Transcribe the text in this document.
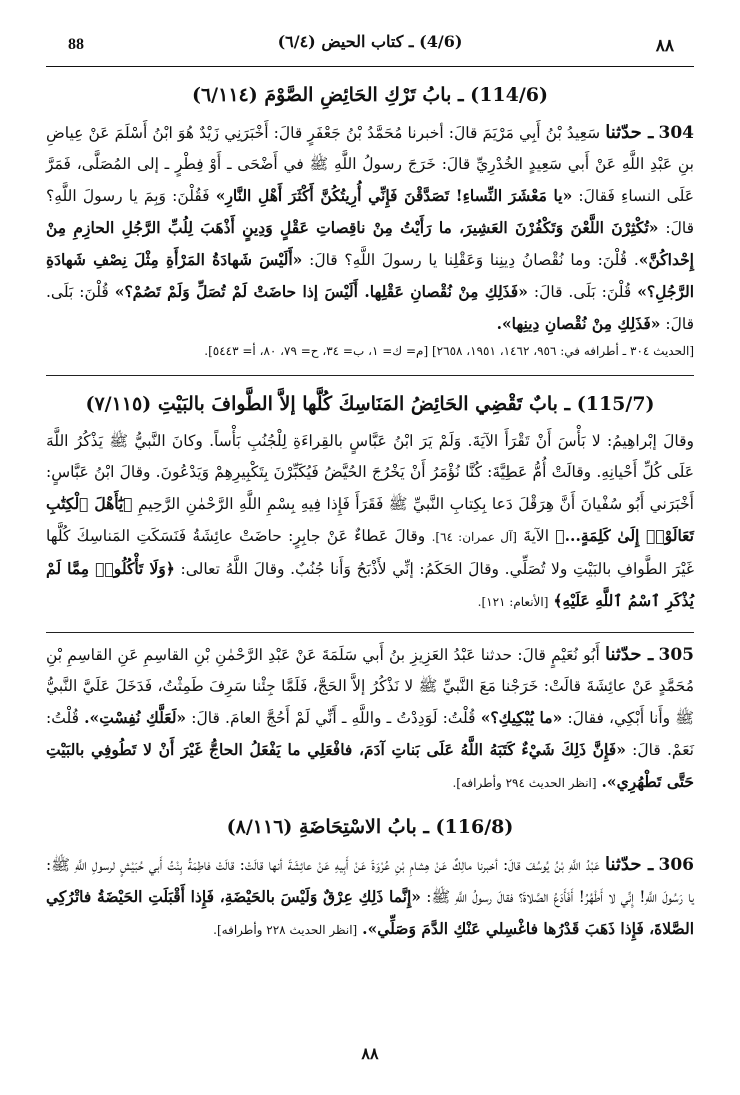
88	(4/6) ـ كتاب الحيض (٦/٤)	٨٨
(114/6) ـ بابُ تَرْكِ الحَائِضِ الصَّوْمَ (٦/١١٤)
304 ـ حدّثنا سَعِيدُ بْنُ أَبِي مَرْيَمَ قالَ: أخبرنا مُحَمَّدُ بْنُ جَعْفَرٍ قالَ: أَخْبَرَنِي زَيْدٌ هُوَ ابْنُ أَسْلَمَ عَنْ عِياضِ بنِ عَبْدِ اللَّهِ عَنْ أَبي سَعِيدٍ الخُدْرِيِّ قالَ: خَرَجَ رسولُ اللَّهِ ﷺ في أَضْحَى ـ أَوْ فِطْرٍ ـ إلى المُصَلَّى، فَمَرَّ عَلَى النساءِ فَقالَ: «يا مَعْشَرَ النِّساءِ! تَصَدَّقْنَ فَإِنِّي أُرِيتُكُنَّ أَكْثَرَ أَهْلِ النَّارِ» فَقُلْنَ: وَبِمَ يا رسولَ اللَّهِ؟ قالَ: «تُكْثِرْنَ اللَّعْنَ وَتَكْفُرْنَ العَشِيرَ، ما رَأَيْتُ مِنْ ناقِصاتِ عَقْلٍ وَدِينٍ أَذْهَبَ لِلُبِّ الرَّجُلِ الحازِمِ مِنْ إِحْداكُنَّ». قُلْنَ: وما نُقْصانُ دِينِنا وَعَقْلِنا يا رسولَ اللَّهِ؟ قالَ: «أَلَيْسَ شَهادَةُ المَرْأَةِ مِثْلَ نِصْفِ شَهادَةِ الرَّجُلِ؟» قُلْنَ: بَلَى. قالَ: «فَذَلِكِ مِنْ نُقْصانِ عَقْلِها. أَلَيْسَ إذا حاضَتْ لَمْ تُصَلِّ وَلَمْ تَصُمْ؟» قُلْنَ: بَلَى. قالَ: «فَذَلِكِ مِنْ نُقْصانِ دِينِها».
[الحديث ٣٠٤ ـ أطرافه في: ٩٥٦، ١٤٦٢، ١٩٥١، ٢٦٥٨] [م= ك= ١، ب= ٣٤، ح= ٧٩، ٨٠، أ= ٥٤٤٣].
(115/7) ـ بابٌ تَقْضِي الحَائِضُ المَنَاسِكَ كُلَّها إلاَّ الطَّوافَ بالبَيْتِ (٧/١١٥)
وقالَ إبْراهِيمُ: لا بَأْسَ أَنْ تَقْرَأَ الآيَةَ. وَلَمْ يَرَ ابْنُ عَبَّاسٍ بالقِراءَةِ لِلْجُنُبِ بَأْساً. وكانَ النَّبيُّ ﷺ يَذْكُرُ اللَّهَ عَلَى كُلِّ أَحْيانِهِ. وقالَتْ أُمُّ عَطِيَّةَ: كُنَّا نُؤْمَرُ أَنْ يَخْرُجَ الحُيَّضُ فَيُكَبِّرْنَ بِتَكْبِيرِهِمْ وَيَدْعُونَ. وقالَ ابْنُ عَبَّاسٍ: أَخْبَرَني أَبُو سُفْيانَ أَنَّ هِرَقْلَ دَعا بِكِتابِ النَّبيِّ ﷺ فَقَرَأَ فَإِذا فِيهِ بِسْمِ اللَّهِ الرَّحْمٰنِ الرَّحِيمِ ﴿يَٰٓأَهْلَ ٱلْكِتَٰبِ تَعَالَوْا۟ إِلَىٰ كَلِمَةٍ...﴾ الآيةَ [آل عمران: ٦٤]. وقالَ عَطاءٌ عَنْ جابِرٍ: حاضَتْ عائِشَةُ فَنَسَكَتِ المَناسِكَ كُلَّها غَيْرَ الطَّوافِ بالبَيْتِ ولا تُصَلِّي. وقالَ الحَكَمُ: إنِّي لأَذْبَحُ وَأَنا جُنُبٌ. وقالَ اللَّهُ تعالى: ﴿وَلَا تَأْكُلُوا۟ مِمَّا لَمْ يُذْكَرِ ٱسْمُ ٱللَّهِ عَلَيْهِ﴾ [الأنعام: ١٢١].
305 ـ حدّثنا أَبُو نُعَيْمٍ قالَ: حدثنا عَبْدُ العَزِيزِ بنُ أَبي سَلَمَةَ عَنْ عَبْدِ الرَّحْمٰنِ بْنِ القاسِمِ عَنِ القاسِمِ بْنِ مُحَمَّدٍ عَنْ عائِشَةَ قالَتْ: خَرَجْنا مَعَ النَّبيِّ ﷺ لا نَذْكُرُ إلاَّ الحَجَّ، فَلَمَّا جِئْنا سَرِفَ طَمِثْتُ، فَدَخَلَ عَلَيَّ النَّبيُّ ﷺ وأَنا أَبْكِي، فقالَ: «ما يُبْكِيكِ؟» قُلْتُ: لَوَدِدْتُ ـ واللَّهِ ـ أَنِّي لَمْ أَحُجَّ العامَ. قالَ: «لَعَلَّكِ نُفِسْتِ». قُلْتُ: نَعَمْ. قالَ: «فَإِنَّ ذَلِكَ شَيْءٌ كَتَبَهُ اللَّهُ عَلَى بَناتِ آدَمَ، فافْعَلِي ما يَفْعَلُ الحاجُّ غَيْرَ أَنْ لا تَطُوفِي بالبَيْتِ حَتَّى تَطْهُرِي». [انظر الحديث ٢٩٤ وأطرافه].
(116/8) ـ بابُ الاسْتِحَاضَةِ (٨/١١٦)
306 ـ حدّثنا عَبْدُ اللَّهِ بْنُ يُوسُفَ قالَ: أخبرنا مالِكٌ عَنْ هِشامِ بْنِ عُرْوَةَ عَنْ أَبِيهِ عَنْ عائِشَةَ أنها قالَتْ: قالَتْ فاطِمَةُ بِنْتُ أَبي حُبَيْشٍ لرسولِ اللَّهِ ﷺ: يا رَسُولَ اللَّهِ! إِنِّي لا أَطْهُرُ! أَفَأَدَعُ الصَّلاةَ؟ فقالَ رسولُ اللَّهِ ﷺ: «إِنَّما ذَلِكِ عِرْقٌ وَلَيْسَ بالحَيْضَةِ، فَإِذا أَقْبَلَتِ الحَيْضَةُ فاتْرُكِي الصَّلاةَ، فَإِذا ذَهَبَ قَدْرُها فاغْسِلي عَنْكِ الدَّمَ وَصَلِّي». [انظر الحديث ٢٢٨ وأطرافه].
٨٨
